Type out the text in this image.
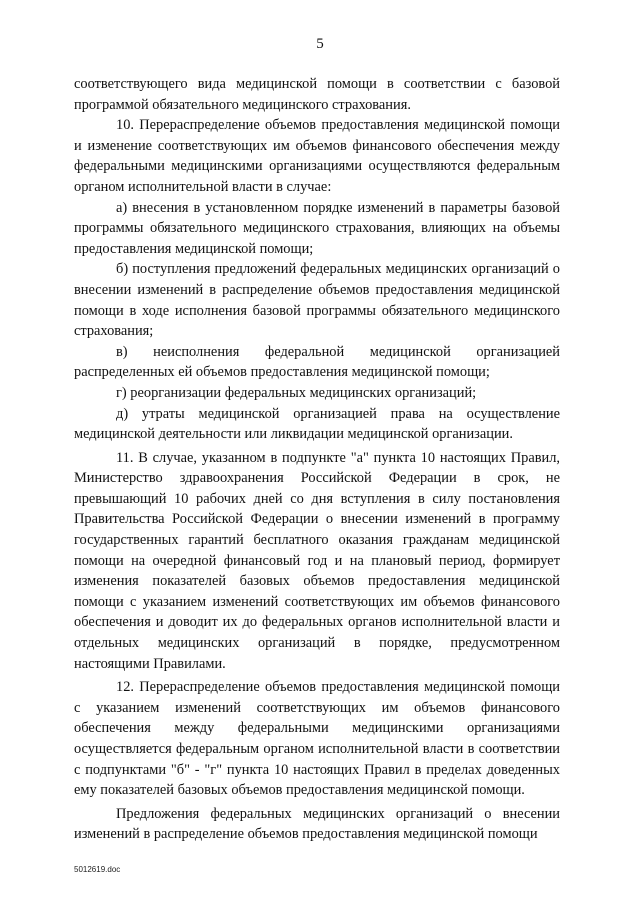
5

соответствующего вида медицинской помощи в соответствии с базовой программой обязательного медицинского страхования.

10. Перераспределение объемов предоставления медицинской помощи и изменение соответствующих им объемов финансового обеспечения между федеральными медицинскими организациями осуществляются федеральным органом исполнительной власти в случае:

а) внесения в установленном порядке изменений в параметры базовой программы обязательного медицинского страхования, влияющих на объемы предоставления медицинской помощи;

б) поступления предложений федеральных медицинских организаций о внесении изменений в распределение объемов предоставления медицинской помощи в ходе исполнения базовой программы обязательного медицинского страхования;

в) неисполнения федеральной медицинской организацией распределенных ей объемов предоставления медицинской помощи;

г) реорганизации федеральных медицинских организаций;

д) утраты медицинской организацией права на осуществление медицинской деятельности или ликвидации медицинской организации.

11. В случае, указанном в подпункте "а" пункта 10 настоящих Правил, Министерство здравоохранения Российской Федерации в срок, не превышающий 10 рабочих дней со дня вступления в силу постановления Правительства Российской Федерации о внесении изменений в программу государственных гарантий бесплатного оказания гражданам медицинской помощи на очередной финансовый год и на плановый период, формирует изменения показателей базовых объемов предоставления медицинской помощи с указанием изменений соответствующих им объемов финансового обеспечения и доводит их до федеральных органов исполнительной власти и отдельных медицинских организаций в порядке, предусмотренном настоящими Правилами.

12. Перераспределение объемов предоставления медицинской помощи с указанием изменений соответствующих им объемов финансового обеспечения между федеральными медицинскими организациями осуществляется федеральным органом исполнительной власти в соответствии с подпунктами "б" - "г" пункта 10 настоящих Правил в пределах доведенных ему показателей базовых объемов предоставления медицинской помощи.

Предложения федеральных медицинских организаций о внесении изменений в распределение объемов предоставления медицинской помощи

5012619.doc
